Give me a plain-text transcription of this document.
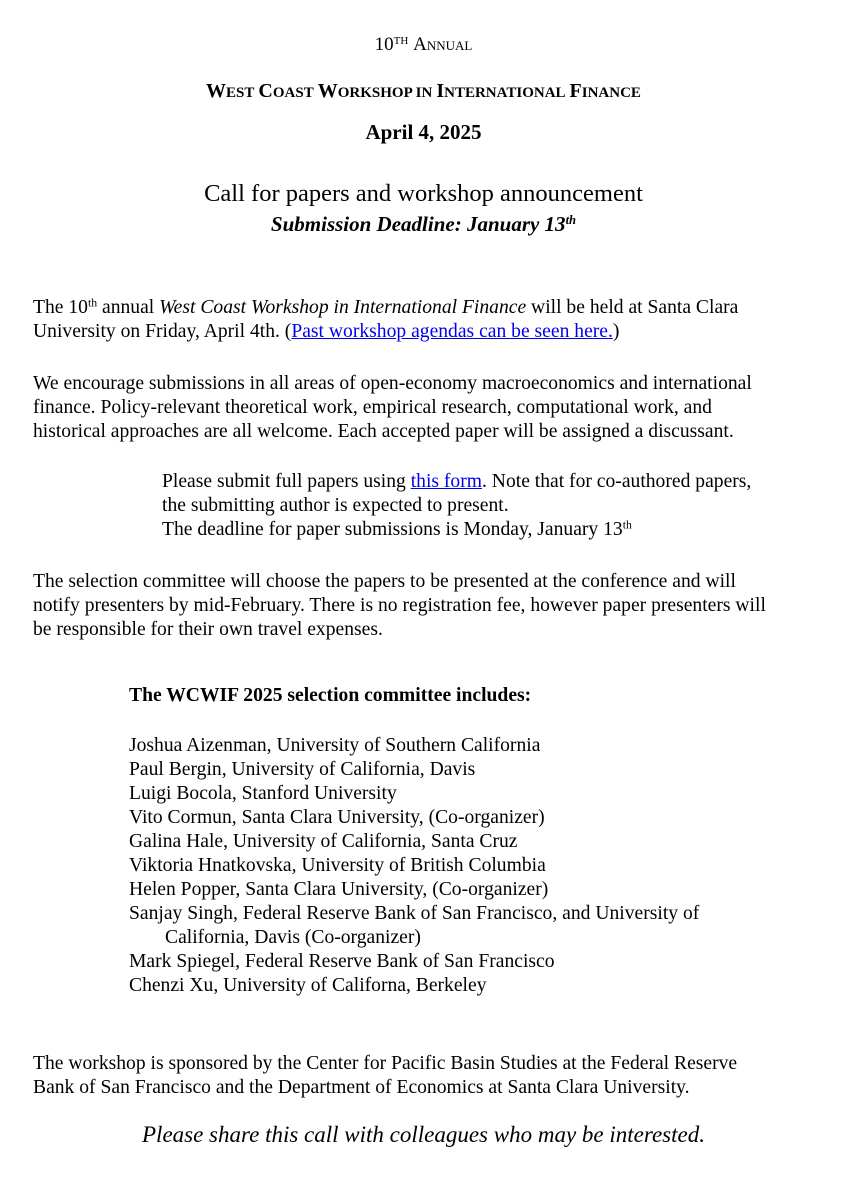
10TH Annual
WEST COAST WORKSHOP IN INTERNATIONAL FINANCE
April 4, 2025
Call for papers and workshop announcement
Submission Deadline: January 13th
The 10th annual West Coast Workshop in International Finance will be held at Santa Clara
University on Friday, April 4th. (Past workshop agendas can be seen here.)
We encourage submissions in all areas of open-economy macroeconomics and international
finance. Policy-relevant theoretical work, empirical research, computational work, and
historical approaches are all welcome. Each accepted paper will be assigned a discussant.
Please submit full papers using this form. Note that for co-authored papers,
the submitting author is expected to present.
The deadline for paper submissions is Monday, January 13th
The selection committee will choose the papers to be presented at the conference and will
notify presenters by mid-February. There is no registration fee, however paper presenters will
be responsible for their own travel expenses.
The WCWIF 2025 selection committee includes:
Joshua Aizenman, University of Southern California
Paul Bergin, University of California, Davis
Luigi Bocola, Stanford University
Vito Cormun, Santa Clara University, (Co-organizer)
Galina Hale, University of California, Santa Cruz
Viktoria Hnatkovska, University of British Columbia
Helen Popper, Santa Clara University, (Co-organizer)
Sanjay Singh, Federal Reserve Bank of San Francisco, and University of
California, Davis (Co-organizer)
Mark Spiegel, Federal Reserve Bank of San Francisco
Chenzi Xu, University of Californa, Berkeley
The workshop is sponsored by the Center for Pacific Basin Studies at the Federal Reserve
Bank of San Francisco and the Department of Economics at Santa Clara University.
Please share this call with colleagues who may be interested.
